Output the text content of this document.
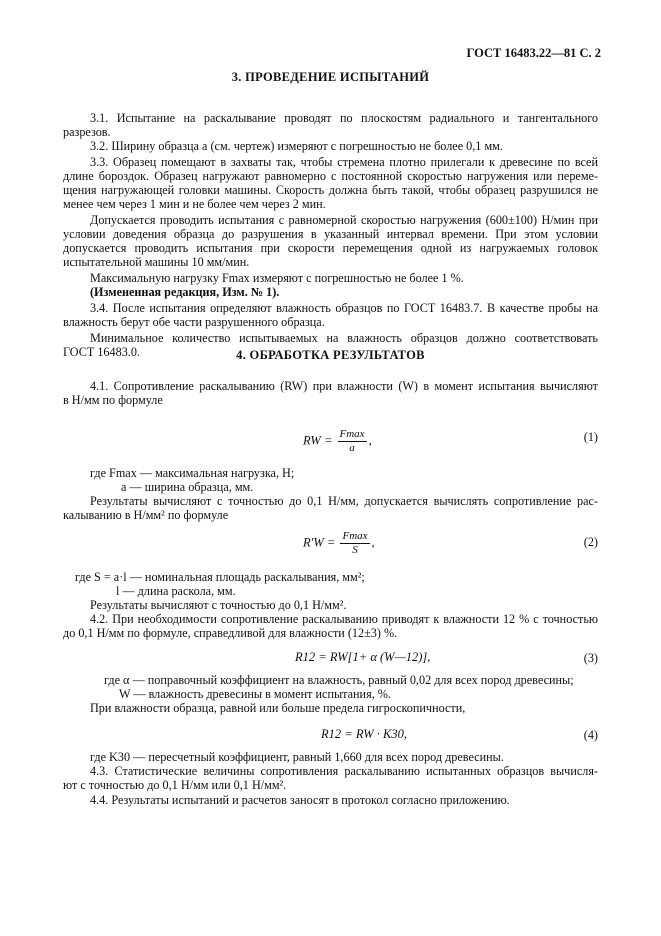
ГОСТ 16483.22—81 С. 2
3. ПРОВЕДЕНИЕ ИСПЫТАНИЙ
3.1. Испытание на раскалывание проводят по плоскостям радиального и тангентального
разрезов.
3.2. Ширину образца a (см. чертеж) измеряют с погрешностью не более 0,1 мм.
3.3. Образец помещают в захваты так, чтобы стремена плотно прилегали к древесине по всей
длине бороздок. Образец нагружают равномерно с постоянной скоростью нагружения или переме-
щения нагружающей головки машины. Скорость должна быть такой, чтобы образец разрушился не
менее чем через 1 мин и не более чем через 2 мин.
Допускается проводить испытания с равномерной скоростью нагружения (600±100) Н/мин при
условии доведения образца до разрушения в указанный интервал времени. При этом условии
допускается проводить испытания при скорости перемещения одной из нагружаемых головок
испытательной машины 10 мм/мин.
Максимальную нагрузку Fmax измеряют с погрешностью не более 1 %.
(Измененная редакция, Изм. № 1).
3.4. После испытания определяют влажность образцов по ГОСТ 16483.7. В качестве пробы на
влажность берут обе части разрушенного образца.
Минимальное количество испытываемых на влажность образцов должно соответствовать
ГОСТ 16483.0.	4. ОБРАБОТКА РЕЗУЛЬТАТОВ
4.1. Сопротивление раскалыванию (RW) при влажности (W) в момент испытания вычисляют
в Н/мм по формуле
RW = $\frac{Fmax}{a}$ ,	(1)
где Fmax — максимальная нагрузка, Н;
a — ширина образца, мм.
Результаты вычисляют с точностью до 0,1 Н/мм, допускается вычислять сопротивление рас-
калыванию в Н/мм² по формуле
$R'W = \frac{Fmax}{S}$ ,	(2)
где S = a·l — номинальная площадь раскалывания, мм²;
l — длина раскола, мм.
Результаты вычисляют с точностью до 0,1 Н/мм².
4.2. При необходимости сопротивление раскалыванию приводят к влажности 12 % с точностью
до 0,1 Н/мм по формуле, справедливой для влажности (12±3) %.
R12 = RW[1+ α (W—12)],	(3)
где α — поправочный коэффициент на влажность, равный 0,02 для всех пород древесины;
W — влажность древесины в момент испытания, %.
При влажности образца, равной или больше предела гигроскопичности,
R12 = RW · K30,	(4)
где K30 — пересчетный коэффициент, равный 1,660 для всех пород древесины.
4.3. Статистические величины сопротивления раскалыванию испытанных образцов вычисля-
ют с точностью до 0,1 Н/мм или 0,1 Н/мм².
4.4. Результаты испытаний и расчетов заносят в протокол согласно приложению.
